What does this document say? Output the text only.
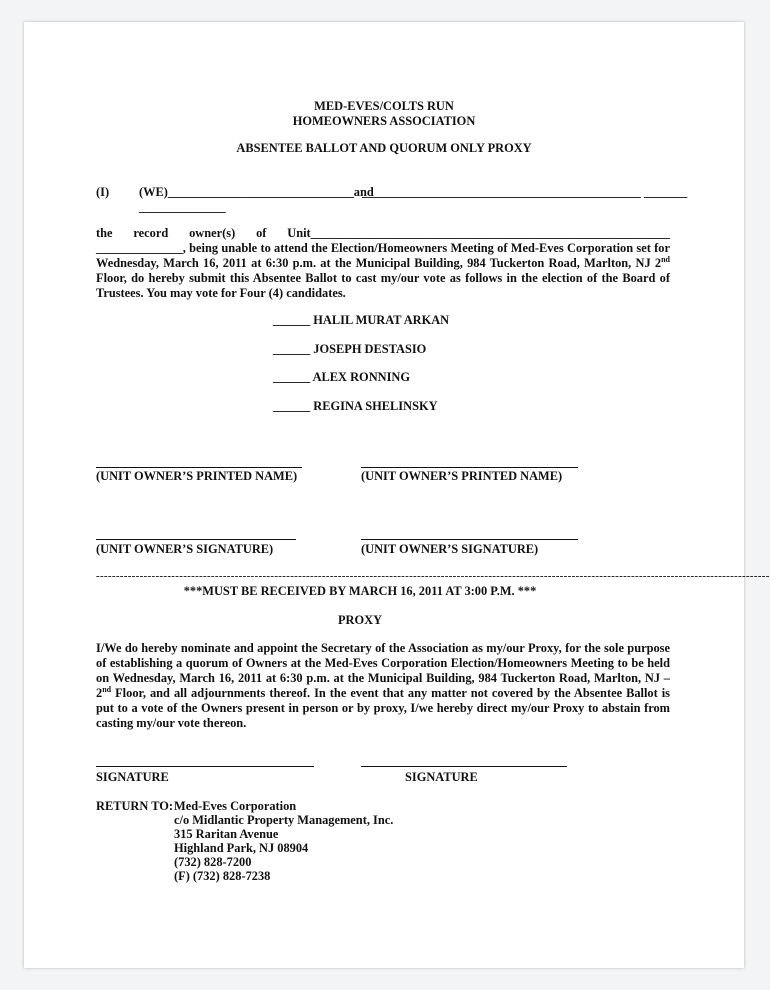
MED-EVES/COLTS RUN
HOMEOWNERS ASSOCIATION
ABSENTEE BALLOT AND QUORUM ONLY PROXY
(I) (WE)______________________________and
_____________________________________________ _______
______________
the record owner(s) of Unit__________________________________________________________ ______________, being unable to attend the Election/Homeowners Meeting of Med-Eves Corporation set for Wednesday, March 16, 2011 at 6:30 p.m. at the Municipal Building, 984 Tuckerton Road, Marlton, NJ 2nd Floor, do hereby submit this Absentee Ballot to cast my/our vote as follows in the election of the Board of Trustees. You may vote for Four (4) candidates.
______ HALIL MURAT ARKAN
______ JOSEPH DESTASIO
______ ALEX RONNING
______ REGINA SHELINSKY
(UNIT OWNER’S PRINTED NAME)	(UNIT OWNER’S PRINTED NAME)
(UNIT OWNER’S SIGNATURE)	(UNIT OWNER’S SIGNATURE)
--------------------------------------------------------------------------------------------------------------------------------------------------------------------------
***MUST BE RECEIVED BY MARCH 16, 2011 AT 3:00 P.M. ***
PROXY
I/We do hereby nominate and appoint the Secretary of the Association as my/our Proxy, for the sole purpose of establishing a quorum of Owners at the Med-Eves Corporation Election/Homeowners Meeting to be held on Wednesday, March 16, 2011 at 6:30 p.m. at the Municipal Building, 984 Tuckerton Road, Marlton, NJ – 2nd Floor, and all adjournments thereof. In the event that any matter not covered by the Absentee Ballot is put to a vote of the Owners present in person or by proxy, I/we hereby direct my/our Proxy to abstain from casting my/our vote thereon.
SIGNATURE	SIGNATURE
RETURN TO: Med-Eves Corporation
c/o Midlantic Property Management, Inc.
315 Raritan Avenue
Highland Park, NJ 08904
(732) 828-7200
(F) (732) 828-7238
